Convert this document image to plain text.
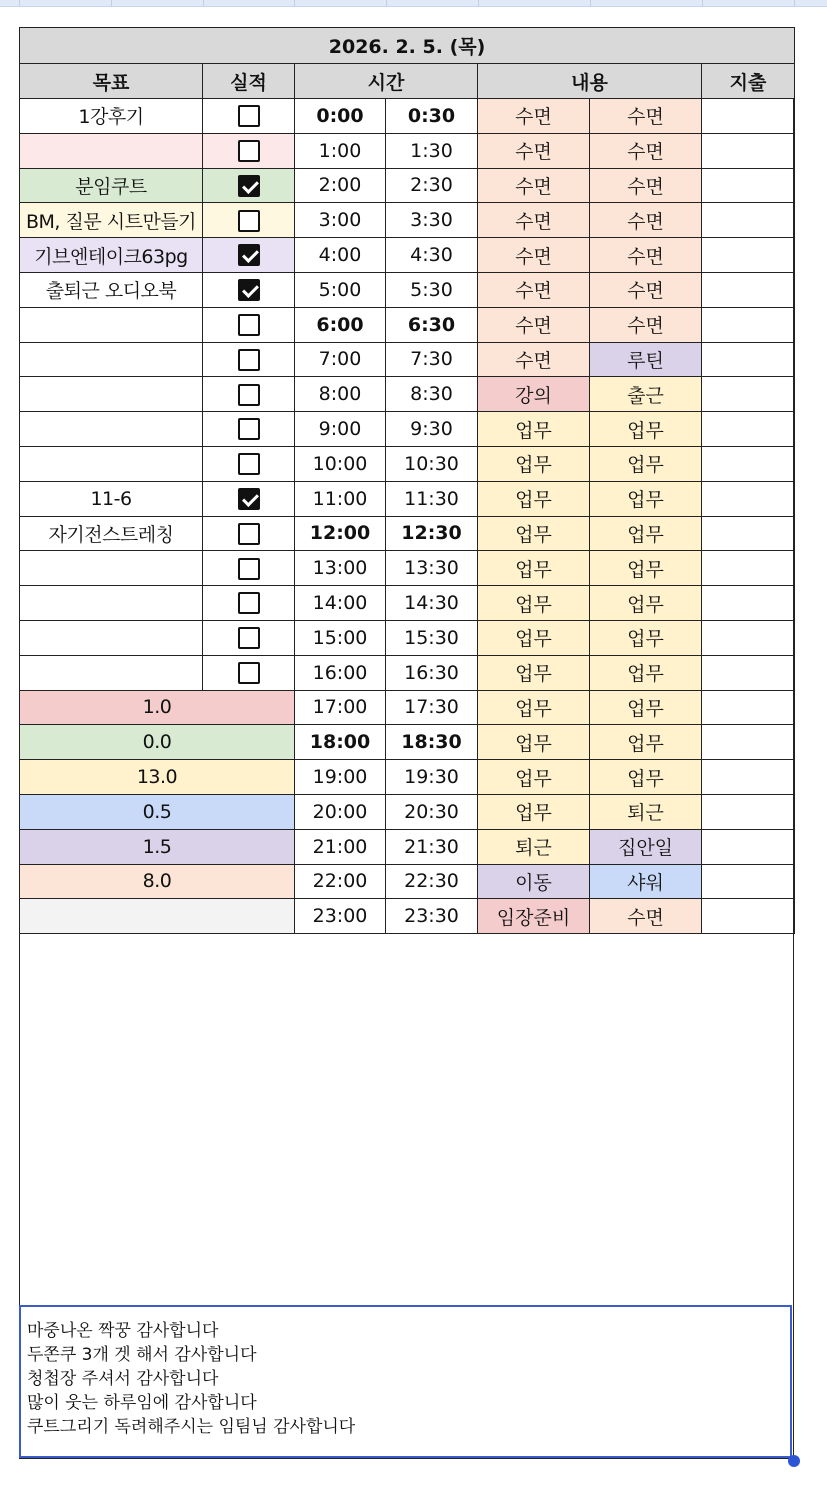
2026. 2. 5. (목)						
목표	실적	시간		내용		지출
1강후기		0:00	0:30	수면	수면	
		1:00	1:30	수면	수면	
분임쿠트		2:00	2:30	수면	수면	
BM, 질문 시트만들기		3:00	3:30	수면	수면	
기브엔테이크63pg		4:00	4:30	수면	수면	
출퇴근 오디오북		5:00	5:30	수면	수면	
		6:00	6:30	수면	수면	
		7:00	7:30	수면	루틴	
		8:00	8:30	강의	출근	
		9:00	9:30	업무	업무	
		10:00	10:30	업무	업무	
11-6		11:00	11:30	업무	업무	
자기전스트레칭		12:00	12:30	업무	업무	
		13:00	13:30	업무	업무	
		14:00	14:30	업무	업무	
		15:00	15:30	업무	업무	
		16:00	16:30	업무	업무	
1.0		17:00	17:30	업무	업무	
0.0		18:00	18:30	업무	업무	
13.0		19:00	19:30	업무	업무	
0.5		20:00	20:30	업무	퇴근	
1.5		21:00	21:30	퇴근	집안일	
8.0		22:00	22:30	이동	샤워	
		23:00	23:30	임장준비	수면	
마중나온 짝꿍 감사합니다
두쫀쿠 3개 겟 해서 감사합니다
청첩장 주셔서 감사합니다
많이 웃는 하루임에 감사합니다
쿠트그리기 독려해주시는 임팀님 감사합니다
